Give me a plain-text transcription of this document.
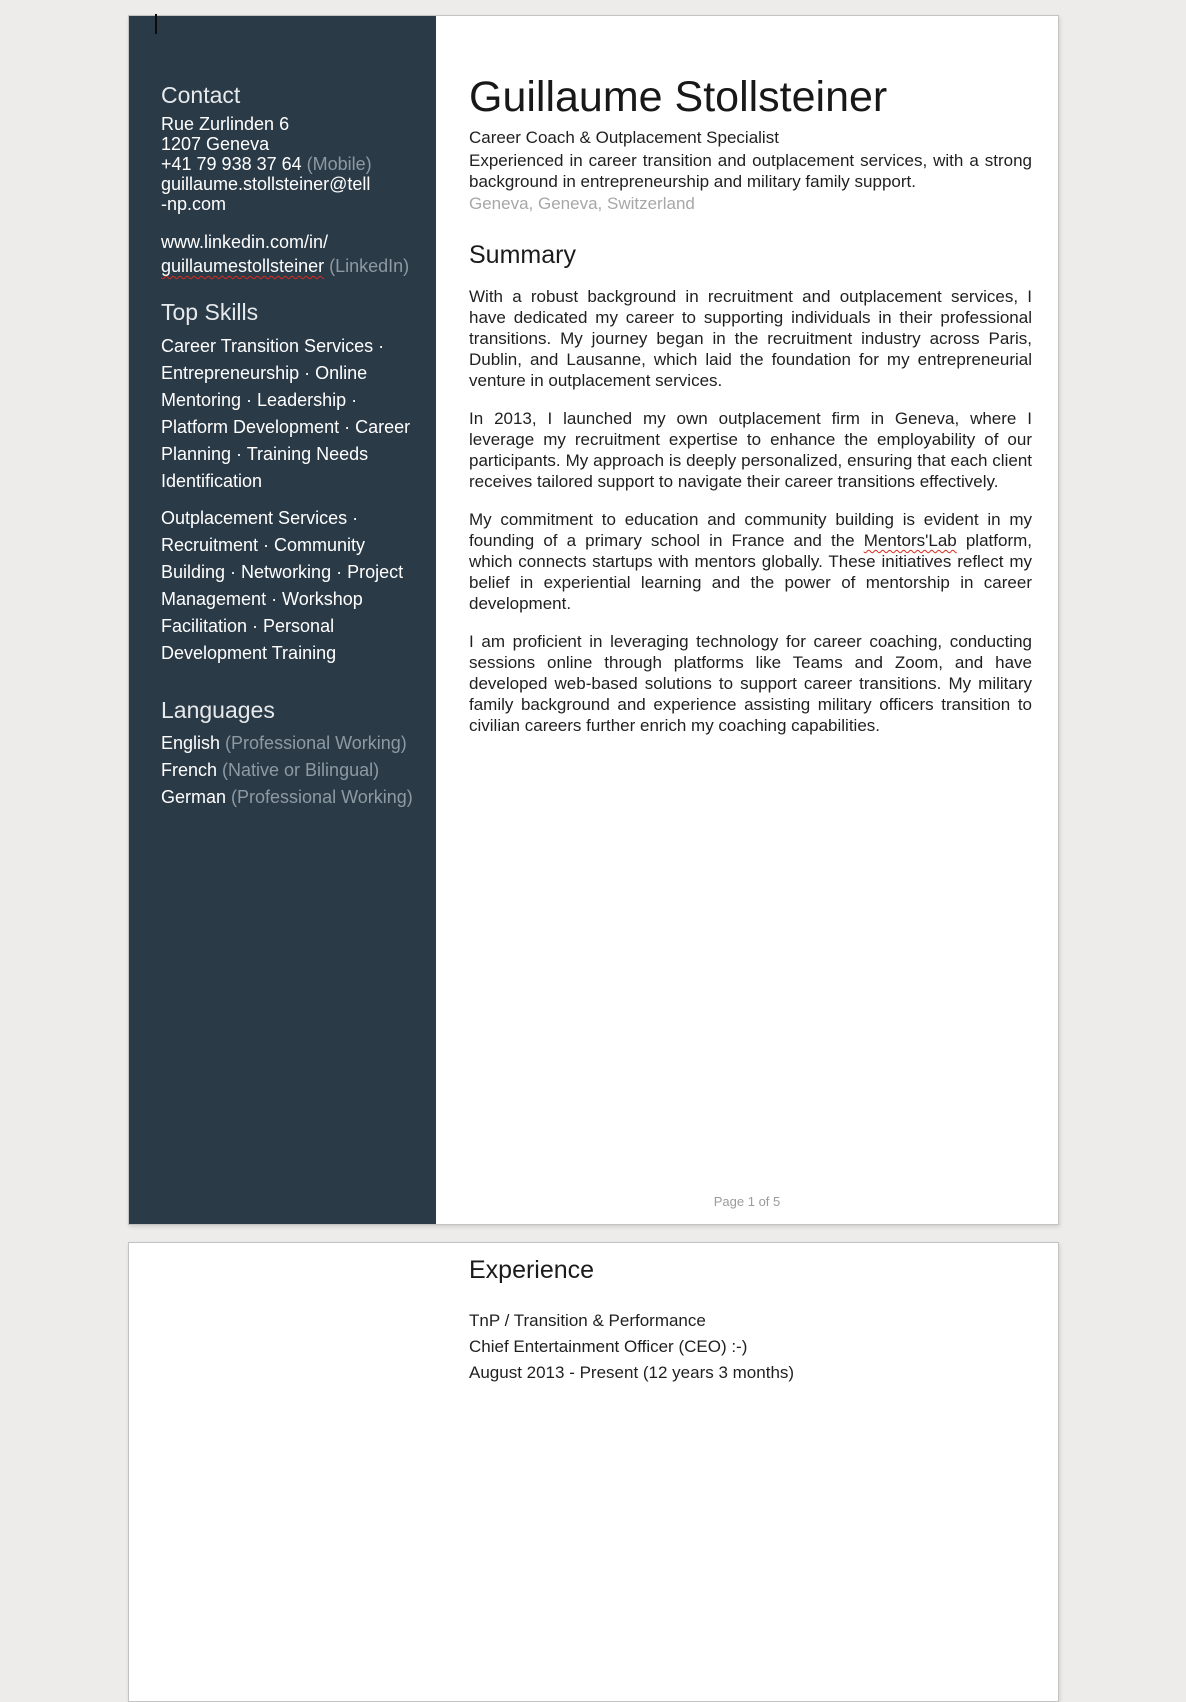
Contact
Rue Zurlinden 6
1207 Geneva
+41 79 938 37 64 (Mobile)
guillaume.stollsteiner@tell
-np.com
www.linkedin.com/in/
guillaumestollsteiner (LinkedIn)
Top Skills
Career Transition Services ·
Entrepreneurship · Online
Mentoring · Leadership ·
Platform Development · Career
Planning · Training Needs
Identification
Outplacement Services ·
Recruitment · Community
Building · Networking · Project
Management · Workshop
Facilitation · Personal
Development Training
Languages
English (Professional Working)
French (Native or Bilingual)
German (Professional Working)
Guillaume Stollsteiner
Career Coach & Outplacement Specialist
Experienced in career transition and outplacement services, with a strong background in entrepreneurship and military family support.
Geneva, Geneva, Switzerland
Summary

With a robust background in recruitment and outplacement services, I have dedicated my career to supporting individuals in their professional transitions. My journey began in the recruitment industry across Paris, Dublin, and Lausanne, which laid the foundation for my entrepreneurial venture in outplacement services.

In 2013, I launched my own outplacement firm in Geneva, where I leverage my recruitment expertise to enhance the employability of our participants. My approach is deeply personalized, ensuring that each client receives tailored support to navigate their career transitions effectively.

My commitment to education and community building is evident in my founding of a primary school in France and the Mentors'Lab platform, which connects startups with mentors globally. These initiatives reflect my belief in experiential learning and the power of mentorship in career development.

I am proficient in leveraging technology for career coaching, conducting sessions online through platforms like Teams and Zoom, and have developed web-based solutions to support career transitions. My military family background and experience assisting military officers transition to civilian careers further enrich my coaching capabilities.

Page 1 of 5
Experience
TnP / Transition & Performance
Chief Entertainment Officer (CEO) :-)
August 2013 - Present (12 years 3 months)
